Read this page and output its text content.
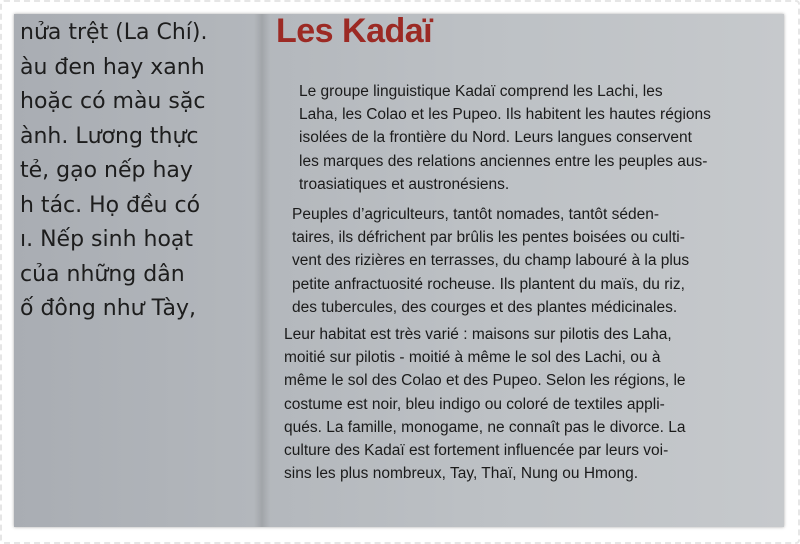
nửa trệt (La Chí).
àu đen hay xanh
hoặc có màu sặc
ành. Lương thực
tẻ, gạo nếp hay
h tác. Họ đều có
ı. Nếp sinh hoạt
của những dân
ố đông như Tày,
Les Kadaï
Le groupe linguistique Kadaï comprend les Lachi, les
Laha, les Colao et les Pupeo. Ils habitent les hautes régions
isolées de la frontière du Nord. Leurs langues conservent
les marques des relations anciennes entre les peuples aus-
troasiatiques et austronésiens.
Peuples d’agriculteurs, tantôt nomades, tantôt séden-
taires, ils défrichent par brûlis les pentes boisées ou culti-
vent des rizières en terrasses, du champ labouré à la plus
petite anfractuosité rocheuse. Ils plantent du maïs, du riz,
des tubercules, des courges et des plantes médicinales.
Leur habitat est très varié : maisons sur pilotis des Laha,
moitié sur pilotis - moitié à même le sol des Lachi, ou à
même le sol des Colao et des Pupeo. Selon les régions, le
costume est noir, bleu indigo ou coloré de textiles appli-
qués. La famille, monogame, ne connaît pas le divorce. La
culture des Kadaï est fortement influencée par leurs voi-
sins les plus nombreux, Tay, Thaï, Nung ou Hmong.
